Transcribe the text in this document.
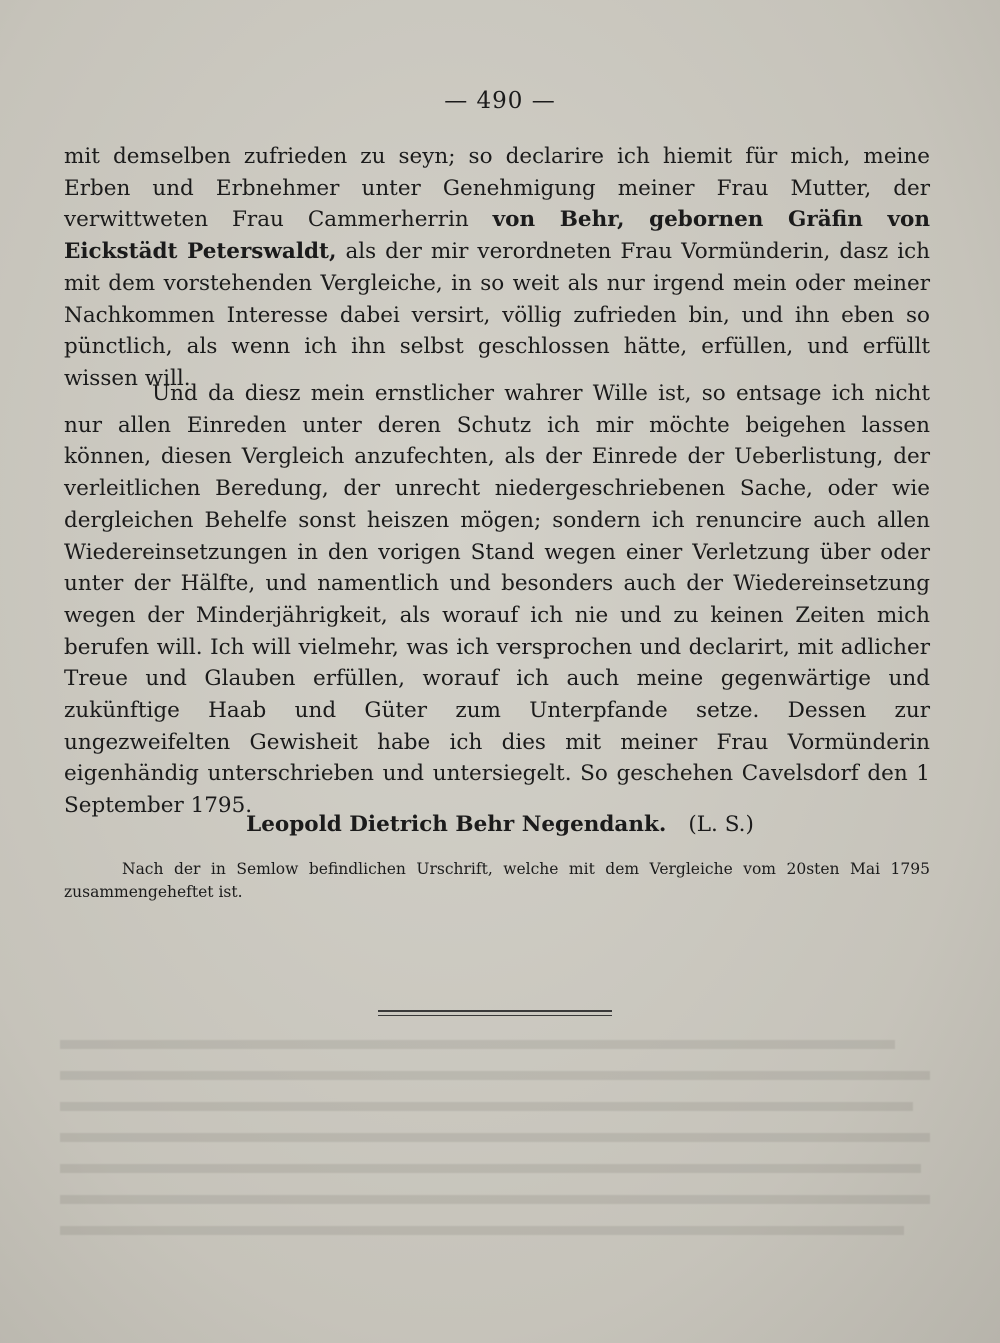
— 490 —

mit demselben zufrieden zu seyn; so declarire ich hiemit für mich, meine Erben und Erbnehmer unter Genehmigung meiner Frau Mutter, der verwittweten Frau Cammerherrin von Behr, gebornen Gräfin von Eickstädt Peterswaldt, als der mir verordneten Frau Vormünderin, dasz ich mit dem vorstehenden Vergleiche, in so weit als nur irgend mein oder meiner Nachkommen Interesse dabei versirt, völlig zufrieden bin, und ihn eben so pünctlich, als wenn ich ihn selbst geschlossen hätte, erfüllen, und erfüllt wissen will.

Und da diesz mein ernstlicher wahrer Wille ist, so entsage ich nicht nur allen Einreden unter deren Schutz ich mir möchte beigehen lassen können, diesen Vergleich anzufechten, als der Einrede der Ueberlistung, der verleitlichen Beredung, der unrecht niedergeschriebenen Sache, oder wie dergleichen Behelfe sonst heiszen mögen; sondern ich renuncire auch allen Wiedereinsetzungen in den vorigen Stand wegen einer Verletzung über oder unter der Hälfte, und namentlich und besonders auch der Wiedereinsetzung wegen der Minderjährigkeit, als worauf ich nie und zu keinen Zeiten mich berufen will. Ich will vielmehr, was ich versprochen und declarirt, mit adlicher Treue und Glauben erfüllen, worauf ich auch meine gegenwärtige und zukünftige Haab und Güter zum Unterpfande setze. Dessen zur ungezweifelten Gewisheit habe ich dies mit meiner Frau Vormünderin eigenhändig unterschrieben und untersiegelt. So geschehen Cavelsdorf den 1 September 1795.

Leopold Dietrich Behr Negendank. (L. S.)

Nach der in Semlow befindlichen Urschrift, welche mit dem Vergleiche vom 20sten Mai 1795 zusammengeheftet ist.
